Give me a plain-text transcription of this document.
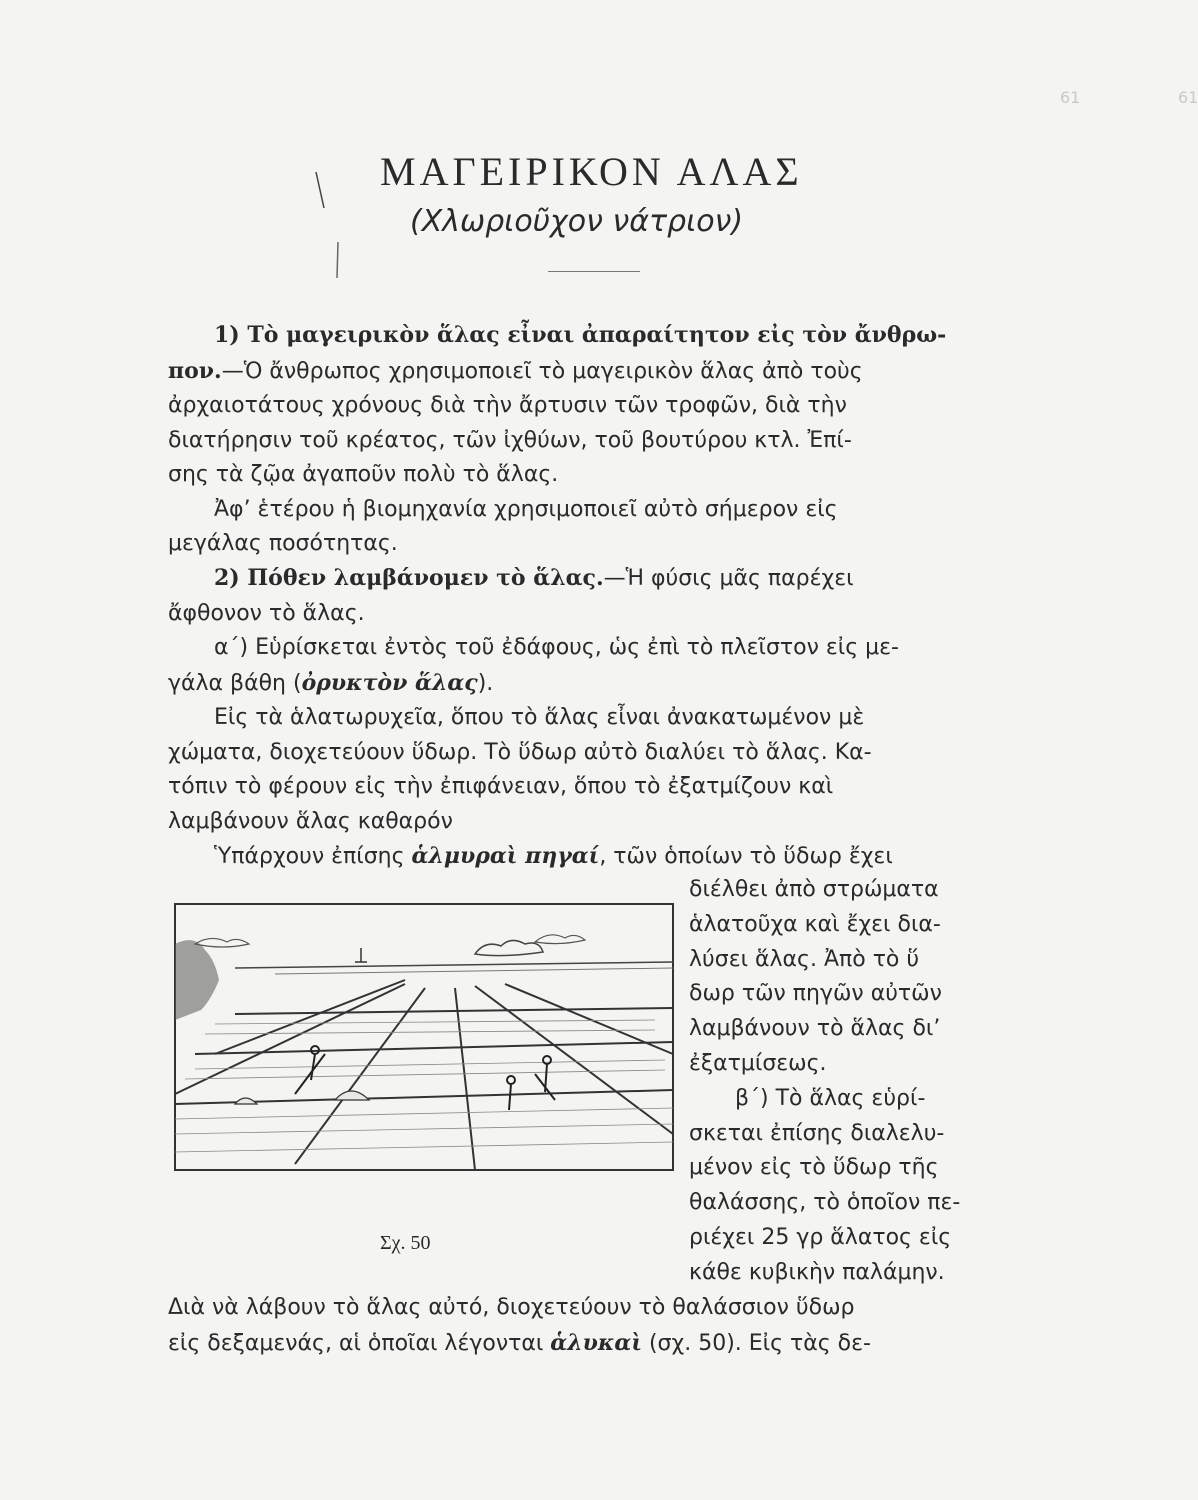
61
61
ΜΑΓΕΙΡΙΚΟΝ ΑΛΑΣ
(Χλωριοῦχον νάτριον)
1) Τὸ μαγειρικὸν ἅλας εἶναι ἀπαραίτητον εἰς τὸν ἄνθρω-
πον.—Ὁ ἄνθρωπος χρησιμοποιεῖ τὸ μαγειρικὸν ἅλας ἀπὸ τοὺς
ἀρχαιοτάτους χρόνους διὰ τὴν ἄρτυσιν τῶν τροφῶν, διὰ τὴν
διατήρησιν τοῦ κρέατος, τῶν ἰχθύων, τοῦ βουτύρου κτλ. Ἐπί-
σης τὰ ζῷα ἀγαποῦν πολὺ τὸ ἅλας.
Ἀφ’ ἑτέρου ἡ βιομηχανία χρησιμοποιεῖ αὐτὸ σήμερον εἰς
μεγάλας ποσότητας.
2) Πόθεν λαμβάνομεν τὸ ἅλας.—Ἡ φύσις μᾶς παρέχει
ἄφθονον τὸ ἅλας.
α΄) Εὑρίσκεται ἐντὸς τοῦ ἐδάφους, ὡς ἐπὶ τὸ πλεῖστον εἰς με-
γάλα βάθη (ὀρυκτὸν ἅλας).
Εἰς τὰ ἁλατωρυχεῖα, ὅπου τὸ ἅλας εἶναι ἀνακατωμένον μὲ
χώματα, διοχετεύουν ὕδωρ. Τὸ ὕδωρ αὐτὸ διαλύει τὸ ἅλας. Κα-
τόπιν τὸ φέρουν εἰς τὴν ἐπιφάνειαν, ὅπου τὸ ἐξατμίζουν καὶ
λαμβάνουν ἅλας καθαρόν
Ὑπάρχουν ἐπίσης ἁλμυραὶ πηγαί, τῶν ὁποίων τὸ ὕδωρ ἔχει
Σχ. 50
διέλθει ἀπὸ στρώματα
ἁλατοῦχα καὶ ἔχει δια-
λύσει ἅλας. Ἀπὸ τὸ ὕ
δωρ τῶν πηγῶν αὐτῶν
λαμβάνουν τὸ ἅλας δι’
ἐξατμίσεως.
β΄) Τὸ ἅλας εὑρί-
σκεται ἐπίσης διαλελυ-
μένον εἰς τὸ ὕδωρ τῆς
θαλάσσης, τὸ ὁποῖον πε-
ριέχει 25 γρ ἅλατος εἰς
κάθε κυβικὴν παλάμην.
Διὰ νὰ λάβουν τὸ ἅλας αὐτό, διοχετεύουν τὸ θαλάσσιον ὕδωρ
εἰς δεξαμενάς, αἱ ὁποῖαι λέγονται ἁλυκαὶ (σχ. 50). Εἰς τὰς δε-
